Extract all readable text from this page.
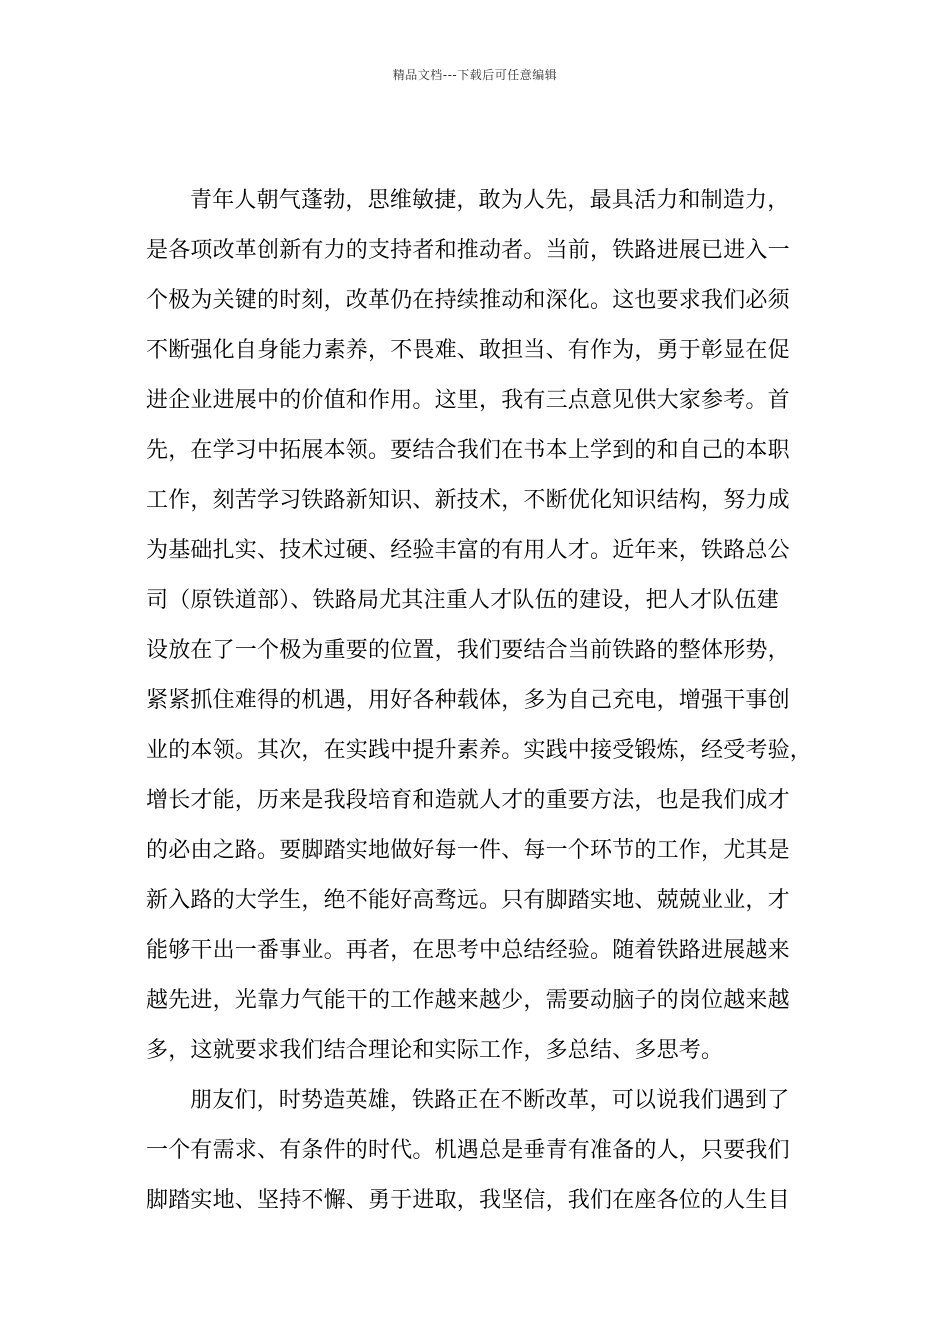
精品文档---下载后可任意编辑
青年人朝气蓬勃，思维敏捷，敢为人先，最具活力和制造力，
是各项改革创新有力的支持者和推动者。当前，铁路进展已进入一
个极为关键的时刻，改革仍在持续推动和深化。这也要求我们必须
不断强化自身能力素养，不畏难、敢担当、有作为，勇于彰显在促
进企业进展中的价值和作用。这里，我有三点意见供大家参考。首
先，在学习中拓展本领。要结合我们在书本上学到的和自己的本职
工作，刻苦学习铁路新知识、新技术，不断优化知识结构，努力成
为基础扎实、技术过硬、经验丰富的有用人才。近年来，铁路总公
司（原铁道部）、铁路局尤其注重人才队伍的建设，把人才队伍建
设放在了一个极为重要的位置，我们要结合当前铁路的整体形势，
紧紧抓住难得的机遇，用好各种载体，多为自己充电，增强干事创
业的本领。其次，在实践中提升素养。实践中接受锻炼，经受考验，
增长才能，历来是我段培育和造就人才的重要方法，也是我们成才
的必由之路。要脚踏实地做好每一件、每一个环节的工作，尤其是
新入路的大学生，绝不能好高骛远。只有脚踏实地、兢兢业业，才
能够干出一番事业。再者，在思考中总结经验。随着铁路进展越来
越先进，光靠力气能干的工作越来越少，需要动脑子的岗位越来越
多，这就要求我们结合理论和实际工作，多总结、多思考。
朋友们，时势造英雄，铁路正在不断改革，可以说我们遇到了
一个有需求、有条件的时代。机遇总是垂青有准备的人，只要我们
脚踏实地、坚持不懈、勇于进取，我坚信，我们在座各位的人生目
